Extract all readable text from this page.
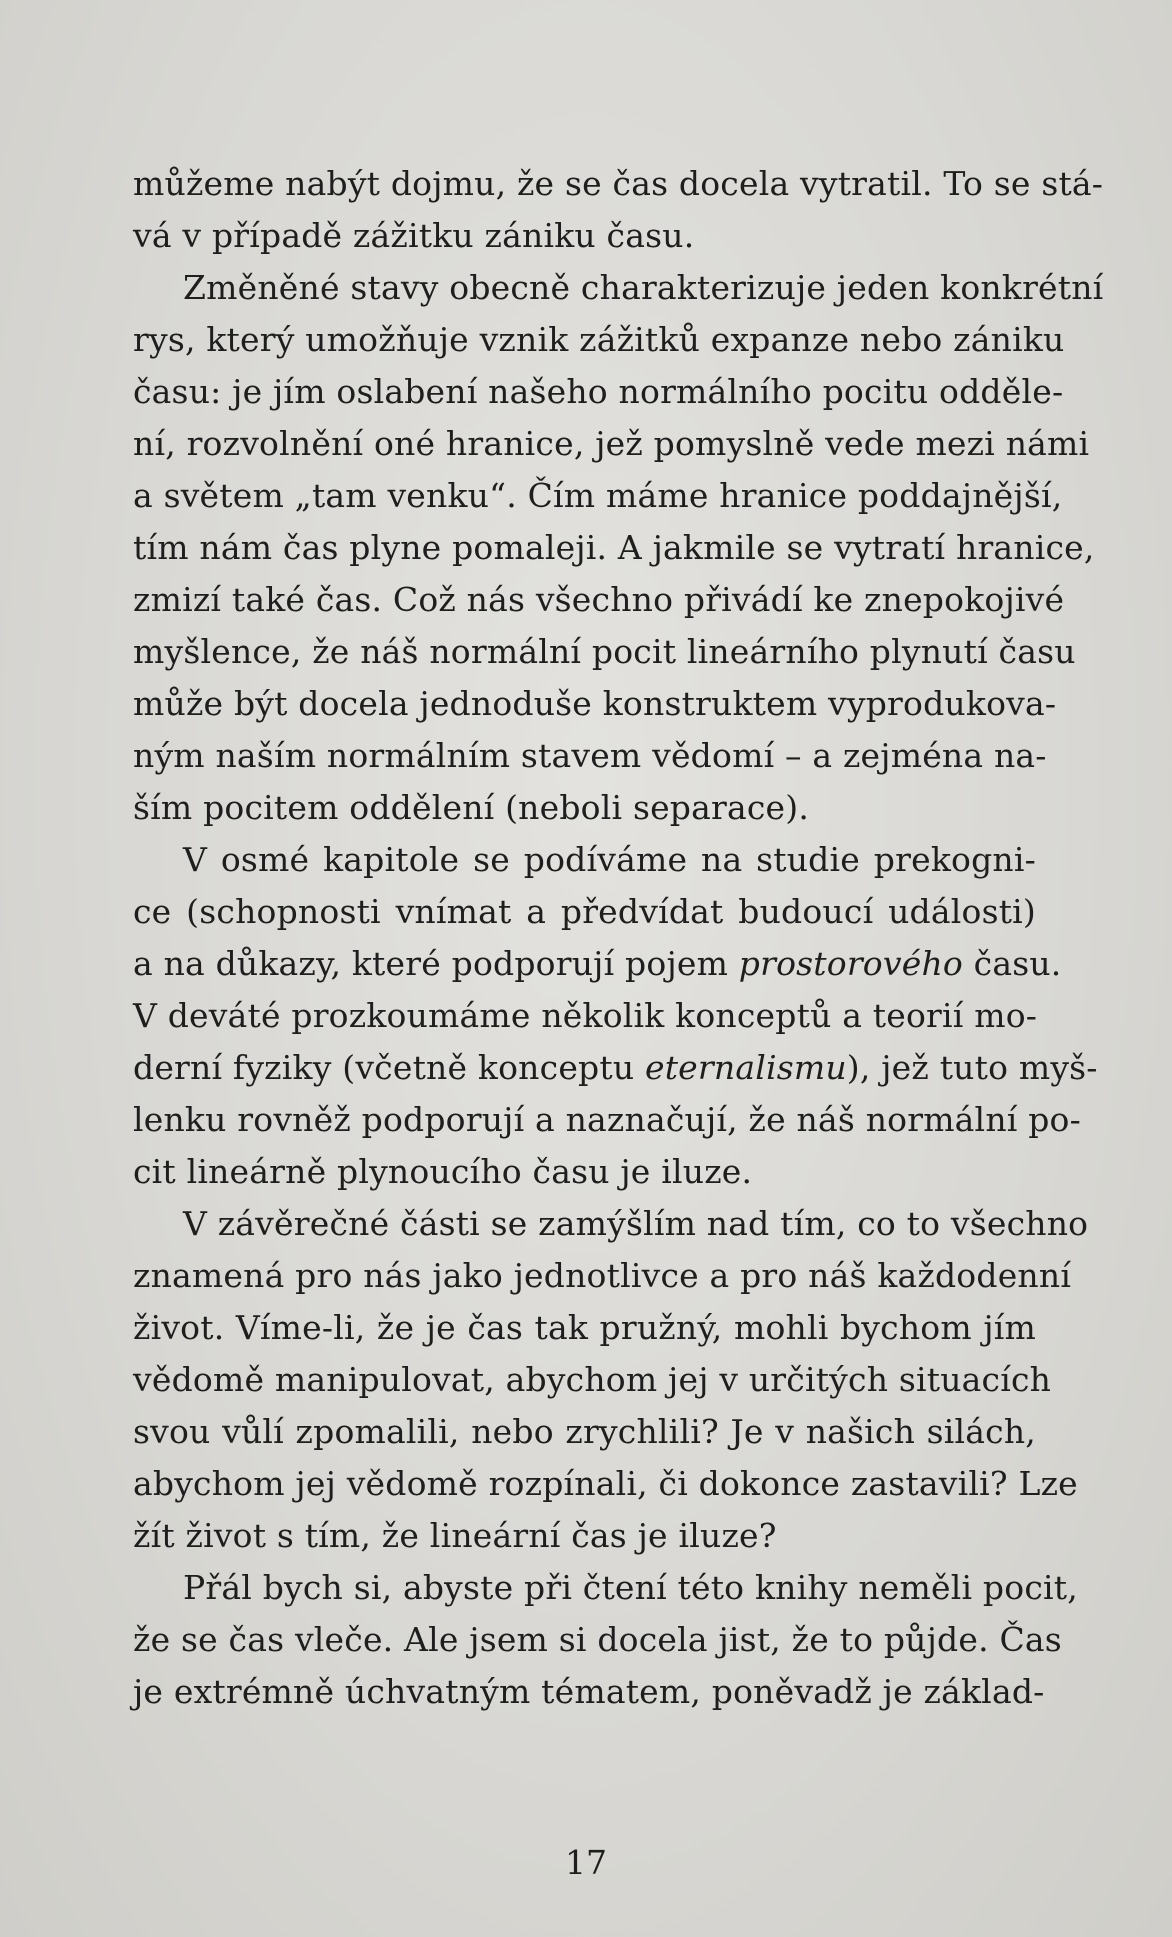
můžeme nabýt dojmu, že se čas docela vytratil. To se stá-
vá v případě zážitku zániku času.
Změněné stavy obecně charakterizuje jeden konkrétní
rys, který umožňuje vznik zážitků expanze nebo zániku
času: je jím oslabení našeho normálního pocitu odděle-
ní, rozvolnění oné hranice, jež pomyslně vede mezi námi
a světem „tam venku“. Čím máme hranice poddajnější,
tím nám čas plyne pomaleji. A jakmile se vytratí hranice,
zmizí také čas. Což nás všechno přivádí ke znepokojivé
myšlence, že náš normální pocit lineárního plynutí času
může být docela jednoduše konstruktem vyprodukova-
ným naším normálním stavem vědomí – a zejména na-
ším pocitem oddělení (neboli separace).
V osmé kapitole se podíváme na studie prekogni-
ce (schopnosti vnímat a předvídat budoucí události)
a na důkazy, které podporují pojem prostorového času.
V deváté prozkoumáme několik konceptů a teorií mo-
derní fyziky (včetně konceptu eternalismu), jež tuto myš-
lenku rovněž podporují a naznačují, že náš normální po-
cit lineárně plynoucího času je iluze.
V závěrečné části se zamýšlím nad tím, co to všechno
znamená pro nás jako jednotlivce a pro náš každodenní
život. Víme-li, že je čas tak pružný, mohli bychom jím
vědomě manipulovat, abychom jej v určitých situacích
svou vůlí zpomalili, nebo zrychlili? Je v našich silách,
abychom jej vědomě rozpínali, či dokonce zastavili? Lze
žít život s tím, že lineární čas je iluze?
Přál bych si, abyste při čtení této knihy neměli pocit,
že se čas vleče. Ale jsem si docela jist, že to půjde. Čas
je extrémně úchvatným tématem, poněvadž je základ-
17
